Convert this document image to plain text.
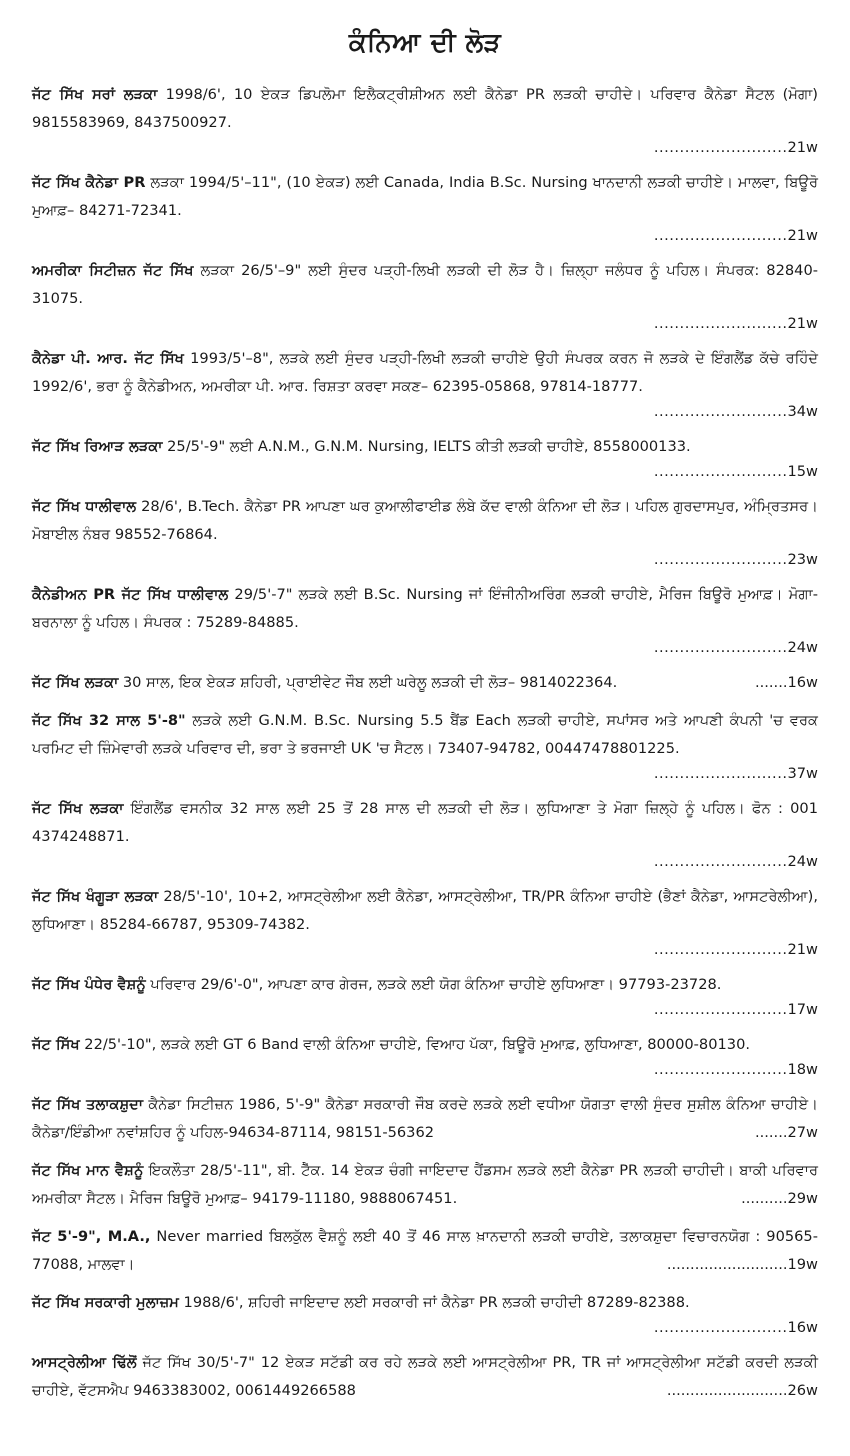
ਕੰਨਿਆ ਦੀ ਲੋੜ
ਜੱਟ ਸਿੱਖ ਸਰਾਂ ਲੜਕਾ 1998/6', 10 ਏਕੜ ਡਿਪਲੋਮਾ ਇਲੈਕਟ੍ਰੀਸ਼ੀਅਨ ਲਈ ਕੈਨੇਡਾ PR ਲੜਕੀ ਚਾਹੀਦੇ। ਪਰਿਵਾਰ ਕੈਨੇਡਾ ਸੈਟਲ (ਮੋਗਾ) 9815583969, 8437500927.
..........................21w
ਜੱਟ ਸਿੱਖ ਕੈਨੇਡਾ PR ਲੜਕਾ 1994/5'–11", (10 ਏਕੜ) ਲਈ Canada, India B.Sc. Nursing ਖਾਨਦਾਨੀ ਲੜਕੀ ਚਾਹੀਏ। ਮਾਲਵਾ, ਬਿਊਰੋ ਮੁਆਫ਼– 84271-72341.
..........................21w
ਅਮਰੀਕਾ ਸਿਟੀਜ਼ਨ ਜੱਟ ਸਿੱਖ ਲੜਕਾ 26/5'–9" ਲਈ ਸੁੰਦਰ ਪੜ੍ਹੀ-ਲਿਖੀ ਲੜਕੀ ਦੀ ਲੋੜ ਹੈ। ਜ਼ਿਲ੍ਹਾ ਜਲੰਧਰ ਨੂੰ ਪਹਿਲ। ਸੰਪਰਕ: 82840-31075.
..........................21w
ਕੈਨੇਡਾ ਪੀ. ਆਰ. ਜੱਟ ਸਿੱਖ 1993/5'–8", ਲੜਕੇ ਲਈ ਸੁੰਦਰ ਪੜ੍ਹੀ-ਲਿਖੀ ਲੜਕੀ ਚਾਹੀਏ ਉਹੀ ਸੰਪਰਕ ਕਰਨ ਜੋ ਲੜਕੇ ਦੇ ਇੰਗਲੈਂਡ ਕੱਚੇ ਰਹਿੰਦੇ 1992/6', ਭਰਾ ਨੂੰ ਕੈਨੇਡੀਅਨ, ਅਮਰੀਕਾ ਪੀ. ਆਰ. ਰਿਸ਼ਤਾ ਕਰਵਾ ਸਕਣ– 62395-05868, 97814-18777.
..........................34w
ਜੱਟ ਸਿੱਖ ਰਿਆੜ ਲੜਕਾ 25/5'-9" ਲਈ A.N.M., G.N.M. Nursing, IELTS ਕੀਤੀ ਲੜਕੀ ਚਾਹੀਏ, 8558000133.
..........................15w
ਜੱਟ ਸਿੱਖ ਧਾਲੀਵਾਲ 28/6', B.Tech. ਕੈਨੇਡਾ PR ਆਪਣਾ ਘਰ ਕੁਆਲੀਫਾਈਡ ਲੰਬੇ ਕੱਦ ਵਾਲੀ ਕੰਨਿਆ ਦੀ ਲੋੜ। ਪਹਿਲ ਗੁਰਦਾਸਪੁਰ, ਅੰਮ੍ਰਿਤਸਰ। ਮੋਬਾਈਲ ਨੰਬਰ 98552-76864.
..........................23w
ਕੈਨੇਡੀਅਨ PR ਜੱਟ ਸਿੱਖ ਧਾਲੀਵਾਲ 29/5'-7" ਲੜਕੇ ਲਈ B.Sc. Nursing ਜਾਂ ਇੰਜੀਨੀਅਰਿੰਗ ਲੜਕੀ ਚਾਹੀਏ, ਮੈਰਿਜ ਬਿਊਰੋ ਮੁਆਫ਼। ਮੋਗਾ-ਬਰਨਾਲਾ ਨੂੰ ਪਹਿਲ। ਸੰਪਰਕ : 75289-84885.
..........................24w
ਜੱਟ ਸਿੱਖ ਲੜਕਾ 30 ਸਾਲ, ਇਕ ਏਕੜ ਸ਼ਹਿਰੀ, ਪ੍ਰਾਈਵੇਟ ਜੌਬ ਲਈ ਘਰੇਲੂ ਲੜਕੀ ਦੀ ਲੋੜ– 9814022364.	.......16w
ਜੱਟ ਸਿੱਖ 32 ਸਾਲ 5'-8" ਲੜਕੇ ਲਈ G.N.M. B.Sc. Nursing 5.5 ਬੈਂਡ Each ਲੜਕੀ ਚਾਹੀਏ, ਸਪਾਂਸਰ ਅਤੇ ਆਪਣੀ ਕੰਪਨੀ 'ਚ ਵਰਕ ਪਰਮਿਟ ਦੀ ਜ਼ਿੰਮੇਵਾਰੀ ਲੜਕੇ ਪਰਿਵਾਰ ਦੀ, ਭਰਾ ਤੇ ਭਰਜਾਈ UK 'ਚ ਸੈਟਲ। 73407-94782, 00447478801225.
..........................37w
ਜੱਟ ਸਿੱਖ ਲੜਕਾ ਇੰਗਲੈਂਡ ਵਸਨੀਕ 32 ਸਾਲ ਲਈ 25 ਤੋਂ 28 ਸਾਲ ਦੀ ਲੜਕੀ ਦੀ ਲੋੜ। ਲੁਧਿਆਣਾ ਤੇ ਮੋਗਾ ਜ਼ਿਲ੍ਹੇ ਨੂੰ ਪਹਿਲ। ਫੋਨ : 001 4374248871.
..........................24w
ਜੱਟ ਸਿੱਖ ਖੰਗੂੜਾ ਲੜਕਾ 28/5'-10', 10+2, ਆਸਟ੍ਰੇਲੀਆ ਲਈ ਕੈਨੇਡਾ, ਆਸਟ੍ਰੇਲੀਆ, TR/PR ਕੰਨਿਆ ਚਾਹੀਏ (ਭੈਣਾਂ ਕੈਨੇਡਾ, ਆਸਟਰੇਲੀਆ), ਲੁਧਿਆਣਾ। 85284-66787, 95309-74382.
..........................21w
ਜੱਟ ਸਿੱਖ ਪੰਧੇਰ ਵੈਸ਼ਨੂੰ ਪਰਿਵਾਰ 29/6'-0", ਆਪਣਾ ਕਾਰ ਗੇਰਜ, ਲੜਕੇ ਲਈ ਯੋਗ ਕੰਨਿਆ ਚਾਹੀਏ ਲੁਧਿਆਣਾ। 97793-23728.
..........................17w
ਜੱਟ ਸਿੱਖ 22/5'-10", ਲੜਕੇ ਲਈ GT 6 Band ਵਾਲੀ ਕੰਨਿਆ ਚਾਹੀਏ, ਵਿਆਹ ਪੱਕਾ, ਬਿਊਰੋ ਮੁਆਫ਼, ਲੁਧਿਆਣਾ, 80000-80130.
..........................18w
ਜੱਟ ਸਿੱਖ ਤਲਾਕਸ਼ੁਦਾ ਕੈਨੇਡਾ ਸਿਟੀਜ਼ਨ 1986, 5'-9" ਕੈਨੇਡਾ ਸਰਕਾਰੀ ਜੌਬ ਕਰਦੇ ਲੜਕੇ ਲਈ ਵਧੀਆ ਯੋਗਤਾ ਵਾਲੀ ਸੁੰਦਰ ਸੁਸ਼ੀਲ ਕੰਨਿਆ ਚਾਹੀਏ। ਕੈਨੇਡਾ/ਇੰਡੀਆ ਨਵਾਂਸ਼ਹਿਰ ਨੂੰ ਪਹਿਲ-94634-87114, 98151-56362	.......27w
ਜੱਟ ਸਿੱਖ ਮਾਨ ਵੈਸ਼ਨੂੰ ਇਕਲੌਤਾ 28/5'-11", ਬੀ. ਟੈੱਕ. 14 ਏਕੜ ਚੰਗੀ ਜਾਇਦਾਦ ਹੈਂਡਸਮ ਲੜਕੇ ਲਈ ਕੈਨੇਡਾ PR ਲੜਕੀ ਚਾਹੀਦੀ। ਬਾਕੀ ਪਰਿਵਾਰ ਅਮਰੀਕਾ ਸੈਟਲ। ਮੈਰਿਜ ਬਿਊਰੋ ਮੁਆਫ਼– 94179-11180, 9888067451.	..........29w
ਜੱਟ 5'-9", M.A., Never married ਬਿਲਕੁੱਲ ਵੈਸ਼ਨੂੰ ਲਈ 40 ਤੋਂ 46 ਸਾਲ ਖ਼ਾਨਦਾਨੀ ਲੜਕੀ ਚਾਹੀਏ, ਤਲਾਕਸ਼ੁਦਾ ਵਿਚਾਰਨਯੋਗ : 90565-77088, ਮਾਲਵਾ।	..........................19w
ਜੱਟ ਸਿੱਖ ਸਰਕਾਰੀ ਮੁਲਾਜ਼ਮ 1988/6', ਸ਼ਹਿਰੀ ਜਾਇਦਾਦ ਲਈ ਸਰਕਾਰੀ ਜਾਂ ਕੈਨੇਡਾ PR ਲੜਕੀ ਚਾਹੀਦੀ 87289-82388.
..........................16w
ਆਸਟ੍ਰੇਲੀਆ ਢਿੱਲੋਂ ਜੱਟ ਸਿੱਖ 30/5'-7" 12 ਏਕੜ ਸਟੱਡੀ ਕਰ ਰਹੇ ਲੜਕੇ ਲਈ ਆਸਟ੍ਰੇਲੀਆ PR, TR ਜਾਂ ਆਸਟ੍ਰੇਲੀਆ ਸਟੱਡੀ ਕਰਦੀ ਲੜਕੀ ਚਾਹੀਏ, ਵੱਟਸਐਪ 9463383002, 0061449266588	..........................26w
